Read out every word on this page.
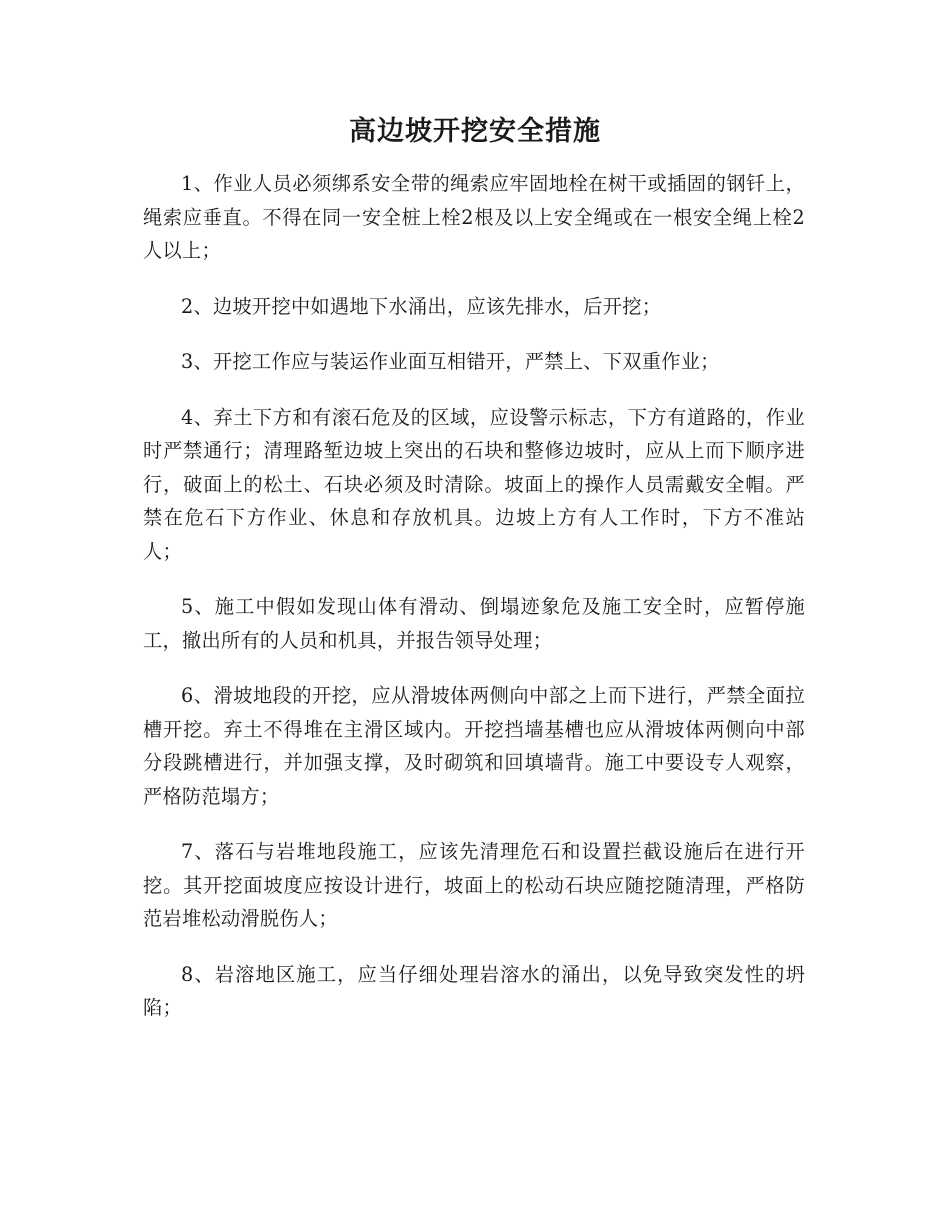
高边坡开挖安全措施

1、作业人员必须绑系安全带的绳索应牢固地栓在树干或插固的钢钎上，绳索应垂直。不得在同一安全桩上栓2根及以上安全绳或在一根安全绳上栓2人以上；

2、边坡开挖中如遇地下水涌出，应该先排水，后开挖；

3、开挖工作应与装运作业面互相错开，严禁上、下双重作业；

4、弃土下方和有滚石危及的区域，应设警示标志，下方有道路的，作业时严禁通行；清理路堑边坡上突出的石块和整修边坡时，应从上而下顺序进行，破面上的松土、石块必须及时清除。坡面上的操作人员需戴安全帽。严禁在危石下方作业、休息和存放机具。边坡上方有人工作时，下方不准站人；

5、施工中假如发现山体有滑动、倒塌迹象危及施工安全时，应暂停施工，撤出所有的人员和机具，并报告领导处理；

6、滑坡地段的开挖，应从滑坡体两侧向中部之上而下进行，严禁全面拉槽开挖。弃土不得堆在主滑区域内。开挖挡墙基槽也应从滑坡体两侧向中部分段跳槽进行，并加强支撑，及时砌筑和回填墙背。施工中要设专人观察，严格防范塌方；

7、落石与岩堆地段施工，应该先清理危石和设置拦截设施后在进行开挖。其开挖面坡度应按设计进行，坡面上的松动石块应随挖随清理，严格防范岩堆松动滑脱伤人；

8、岩溶地区施工，应当仔细处理岩溶水的涌出，以免导致突发性的坍陷；
